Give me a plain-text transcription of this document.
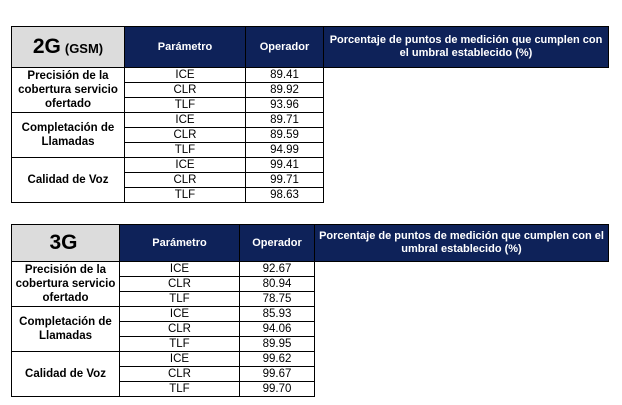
2G (GSM)	Parámetro	Operador	Porcentaje de puntos de medición que cumplen con el umbral establecido (%)
Precisión de la cobertura servicio ofertado	ICE	89.41	
	CLR	89.92	
	TLF	93.96	
Completación de Llamadas	ICE	89.71	
	CLR	89.59	
	TLF	94.99	
Calidad de Voz	ICE	99.41	
	CLR	99.71	
	TLF	98.63	
3G	Parámetro	Operador	Porcentaje de puntos de medición que cumplen con el umbral establecido (%)
Precisión de la cobertura servicio ofertado	ICE	92.67	
	CLR	80.94	
	TLF	78.75	
Completación de Llamadas	ICE	85.93	
	CLR	94.06	
	TLF	89.95	
Calidad de Voz	ICE	99.62	
	CLR	99.67	
	TLF	99.70	
